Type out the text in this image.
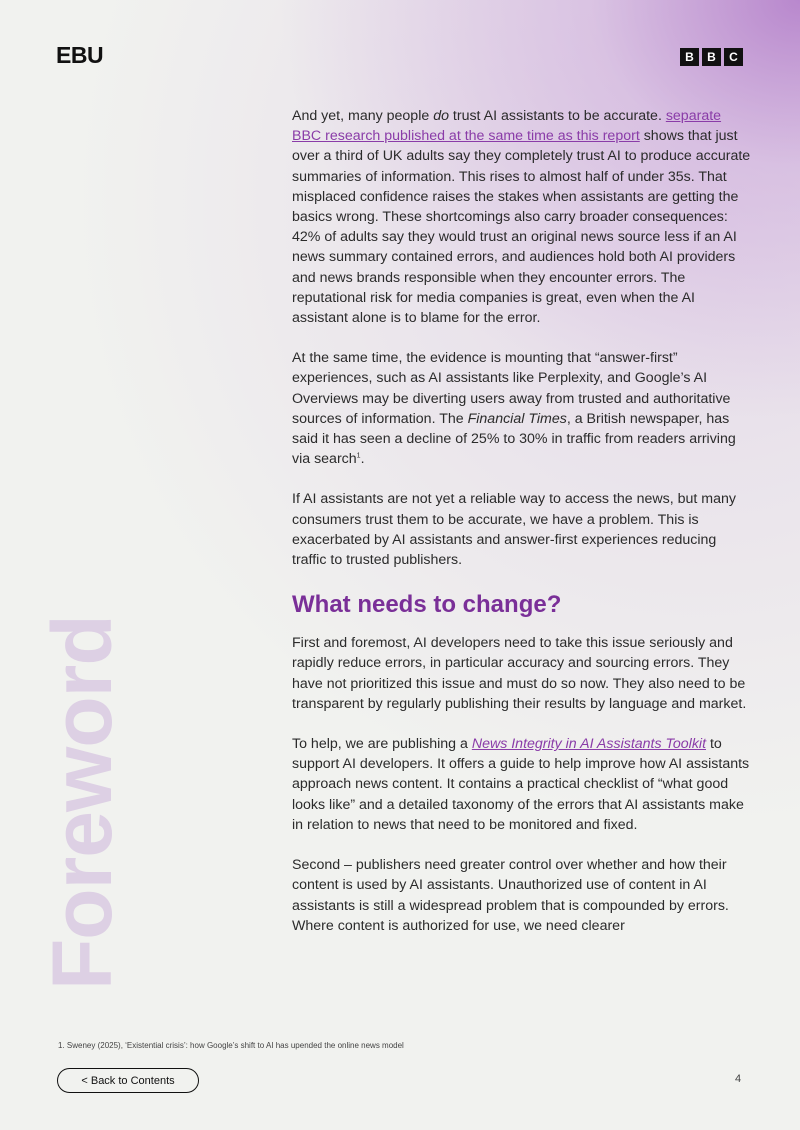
EBU	B	B	C
Foreword

And yet, many people do trust AI assistants to be accurate. separate BBC research published at the same time as this report shows that just over a third of UK adults say they completely trust AI to produce accurate summaries of information. This rises to almost half of under 35s. That misplaced confidence raises the stakes when assistants are getting the basics wrong. These shortcomings also carry broader consequences: 42% of adults say they would trust an original news source less if an AI news summary contained errors, and audiences hold both AI providers and news brands responsible when they encounter errors. The reputational risk for media companies is great, even when the AI assistant alone is to blame for the error.

At the same time, the evidence is mounting that “answer-first” experiences, such as AI assistants like Perplexity, and Google’s AI Overviews may be diverting users away from trusted and authoritative sources of information. The Financial Times, a British newspaper, has said it has seen a decline of 25% to 30% in traffic from readers arriving via search$^1$.

If AI assistants are not yet a reliable way to access the news, but many consumers trust them to be accurate, we have a problem. This is exacerbated by AI assistants and answer-first experiences reducing traffic to trusted publishers.

What needs to change?

First and foremost, AI developers need to take this issue seriously and rapidly reduce errors, in particular accuracy and sourcing errors. They have not prioritized this issue and must do so now. They also need to be transparent by regularly publishing their results by language and market.

To help, we are publishing a News Integrity in AI Assistants Toolkit to support AI developers. It offers a guide to help improve how AI assistants approach news content. It contains a practical checklist of “what good looks like” and a detailed taxonomy of the errors that AI assistants make in relation to news that need to be monitored and fixed.

Second – publishers need greater control over whether and how their content is used by AI assistants. Unauthorized use of content in AI assistants is still a widespread problem that is compounded by errors. Where content is authorized for use, we need clearer

1. Sweney (2025), ‘Existential crisis’: how Google’s shift to AI has upended the online news model
< Back to Contents	4
